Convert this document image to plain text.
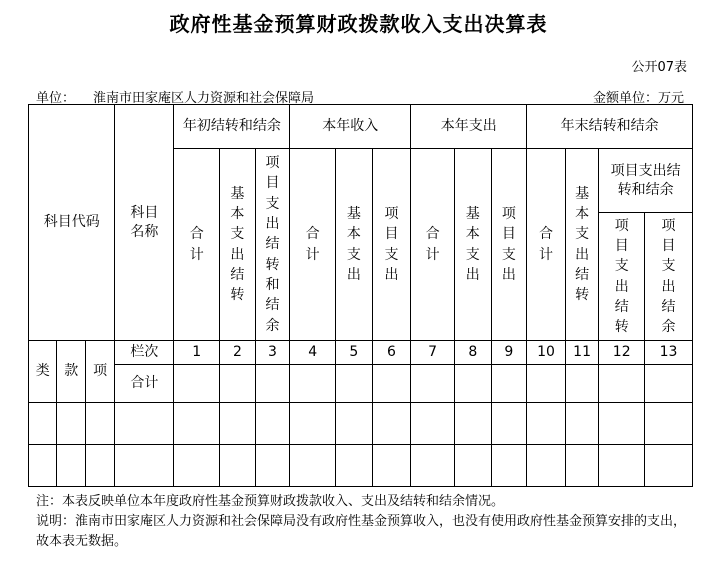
政府性基金预算财政拨款收入支出决算表
公开07表
单位： 淮南市田家庵区人力资源和社会保障局	金额单位：万元
科目代码			科目名称	年初结转和结余			本年收入			本年支出			年末结转和结余			
				合计	基本支出结转	项目支出结转和结余	合计	基本支出	项目支出	合计	基本支出	项目支出	合计	基本支出结转	项目支出结转和结余	
															项目支出结转	项目支出结余
类	款	项	栏次	1	2	3	4	5	6	7	8	9	10	11	12	13
			合计													

注：本表反映单位本年度政府性基金预算财政拨款收入、支出及结转和结余情况。
说明：淮南市田家庵区人力资源和社会保障局没有政府性基金预算收入，也没有使用政府性基金预算安排的支出，故本表无数据。
